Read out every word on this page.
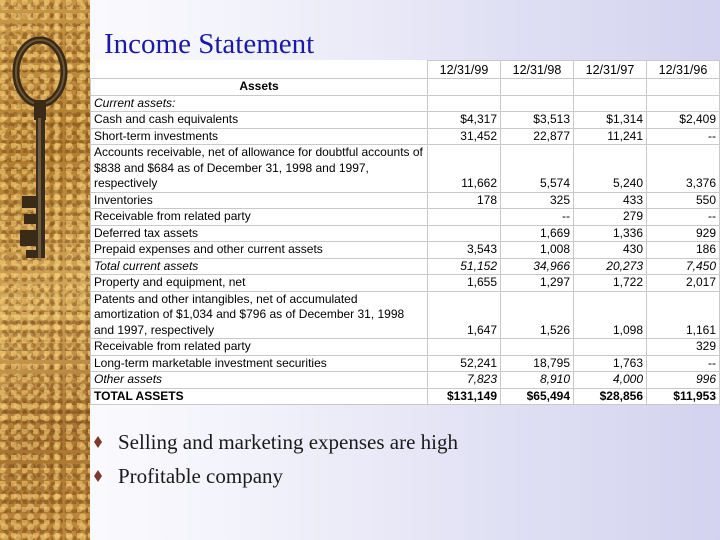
Income Statement
	12/31/99	12/31/98	12/31/97	12/31/96
Assets				
Current assets:				
Cash and cash equivalents	$4,317	$3,513	$1,314	$2,409
Short-term investments	31,452	22,877	11,241	--
Accounts receivable, net of allowance for doubtful accounts of $838 and $684 as of December 31, 1998 and 1997, respectively	11,662	5,574	5,240	3,376
Inventories	178	325	433	550
Receivable from related party		--	279	--
Deferred tax assets		1,669	1,336	929
Prepaid expenses and other current assets	3,543	1,008	430	186
Total current assets	51,152	34,966	20,273	7,450
Property and equipment, net	1,655	1,297	1,722	2,017
Patents and other intangibles, net of accumulated amortization of $1,034 and $796 as of December 31, 1998 and 1997, respectively	1,647	1,526	1,098	1,161
Receivable from related party				329
Long-term marketable investment securities	52,241	18,795	1,763	--
Other assets	7,823	8,910	4,000	996
TOTAL ASSETS	$131,149	$65,494	$28,856	$11,953
Selling and marketing expenses are high
Profitable company
